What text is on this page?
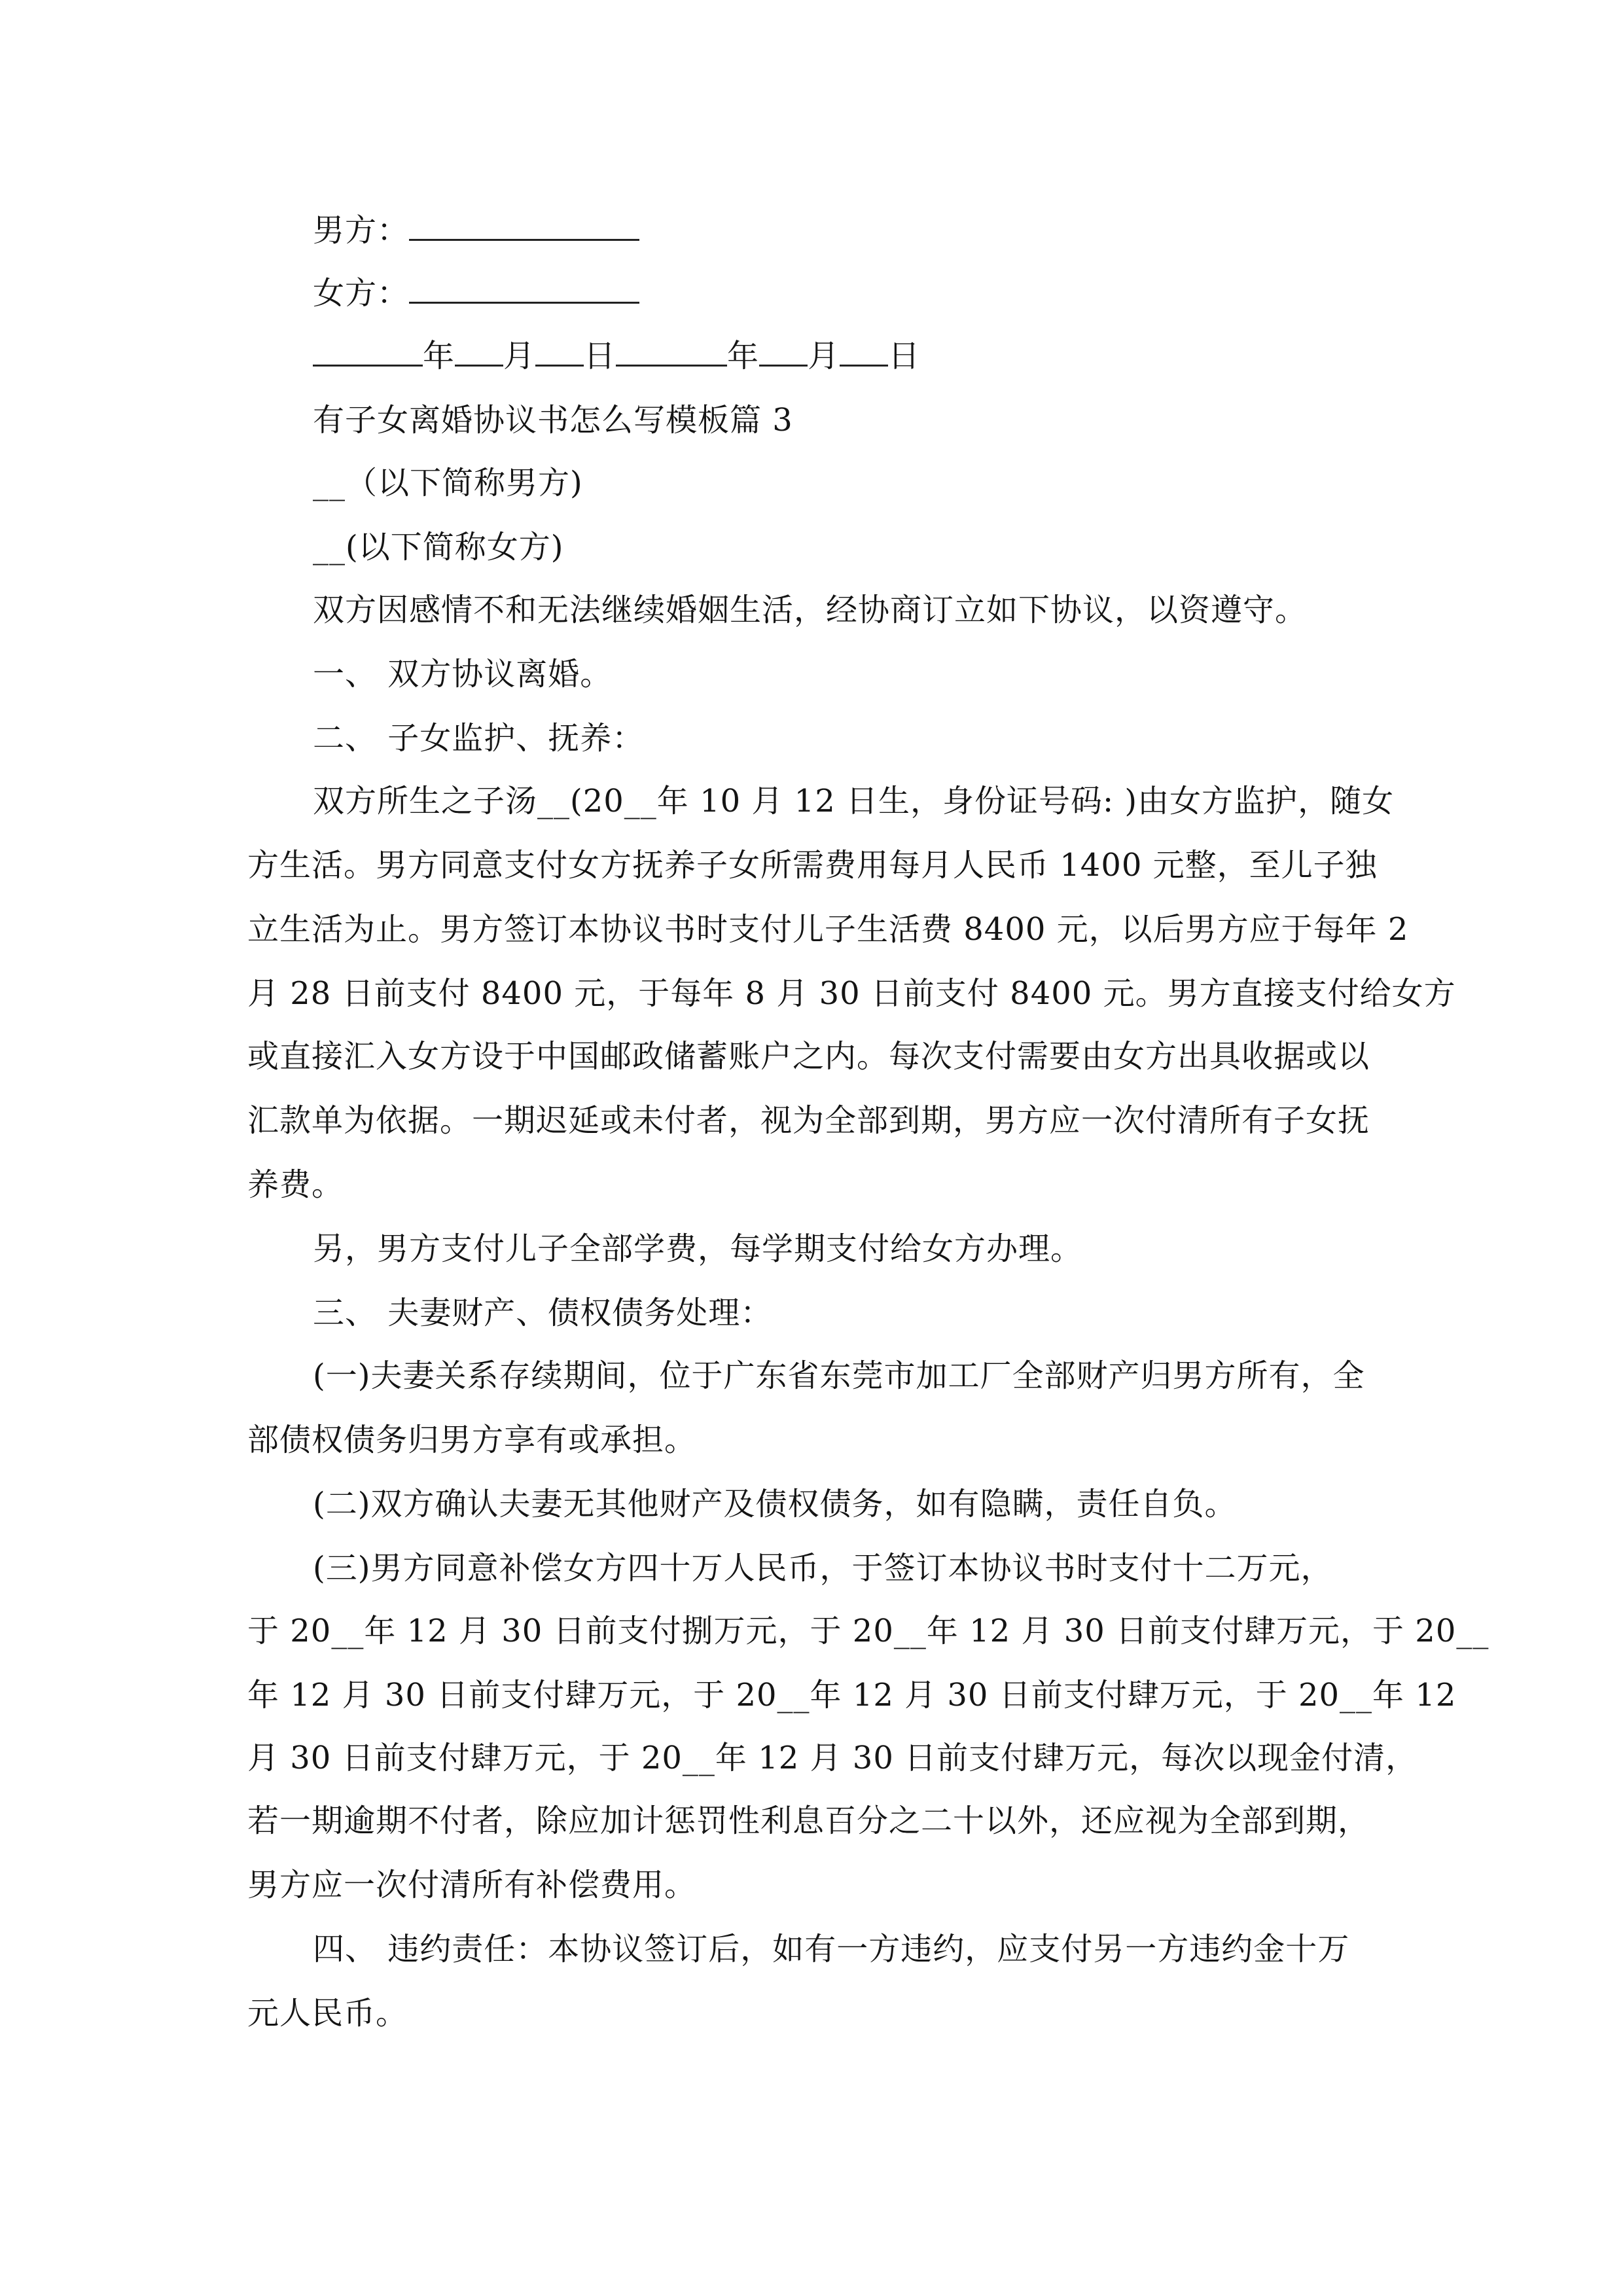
男方：
女方：
年 月 日	年 月 日
有子女离婚协议书怎么写模板篇 3
__（以下简称男方)
__(以下简称女方)
双方因感情不和无法继续婚姻生活，经协商订立如下协议，以资遵守。
一、 双方协议离婚。
二、 子女监护、抚养：
双方所生之子汤__(20__年 10 月 12 日生，身份证号码: )由女方监护，随女
方生活。男方同意支付女方抚养子女所需费用每月人民币 1400 元整，至儿子独
立生活为止。男方签订本协议书时支付儿子生活费 8400 元，以后男方应于每年 2
月 28 日前支付 8400 元，于每年 8 月 30 日前支付 8400 元。男方直接支付给女方
或直接汇入女方设于中国邮政储蓄账户之内。每次支付需要由女方出具收据或以
汇款单为依据。一期迟延或未付者，视为全部到期，男方应一次付清所有子女抚
养费。
另，男方支付儿子全部学费，每学期支付给女方办理。
三、 夫妻财产、债权债务处理：
(一)夫妻关系存续期间，位于广东省东莞市加工厂全部财产归男方所有，全
部债权债务归男方享有或承担。
(二)双方确认夫妻无其他财产及债权债务，如有隐瞒，责任自负。
(三)男方同意补偿女方四十万人民币，于签订本协议书时支付十二万元，
于 20__年 12 月 30 日前支付捌万元，于 20__年 12 月 30 日前支付肆万元，于 20__
年 12 月 30 日前支付肆万元，于 20__年 12 月 30 日前支付肆万元，于 20__年 12
月 30 日前支付肆万元，于 20__年 12 月 30 日前支付肆万元，每次以现金付清，
若一期逾期不付者，除应加计惩罚性利息百分之二十以外，还应视为全部到期，
男方应一次付清所有补偿费用。
四、 违约责任：本协议签订后，如有一方违约，应支付另一方违约金十万
元人民币。
